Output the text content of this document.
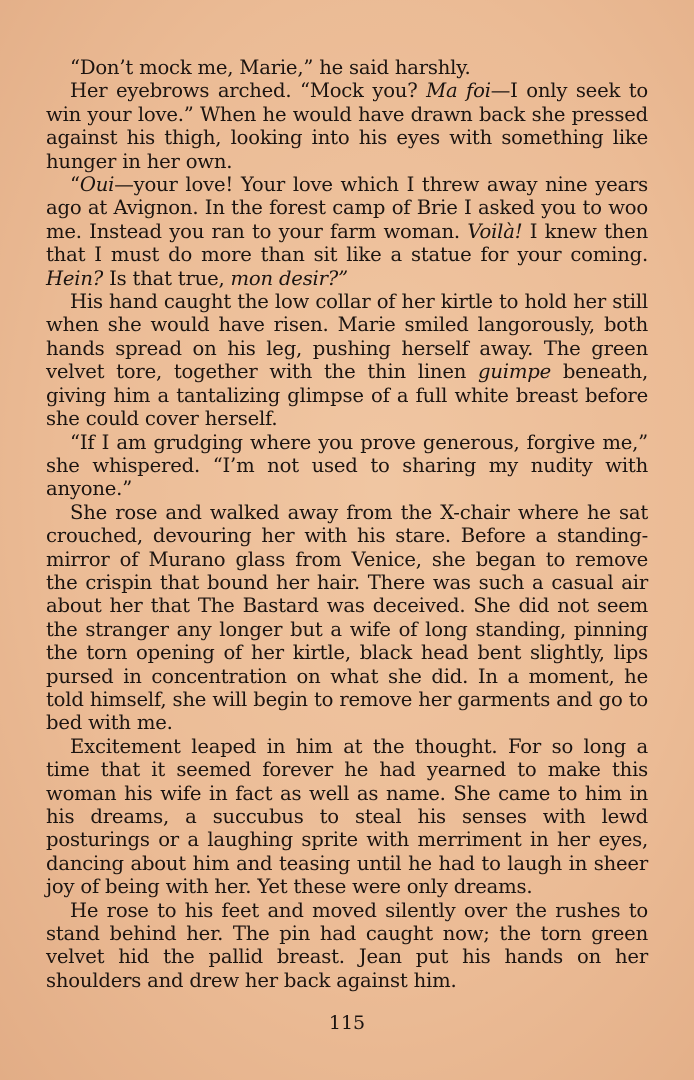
“Don’t mock me, Marie,” he said harshly.

Her eyebrows arched. “Mock you? Ma foi—I only seek to win your love.” When he would have drawn back she pressed against his thigh, looking into his eyes with something like hunger in her own.

“Oui—your love! Your love which I threw away nine years ago at Avignon. In the forest camp of Brie I asked you to woo me. Instead you ran to your farm woman. Voilà! I knew then that I must do more than sit like a statue for your coming. Hein? Is that true, mon desir?”

His hand caught the low collar of her kirtle to hold her still when she would have risen. Marie smiled langorously, both hands spread on his leg, pushing herself away. The green velvet tore, together with the thin linen guimpe beneath, giving him a tantalizing glimpse of a full white breast before she could cover herself.

“If I am grudging where you prove generous, forgive me,” she whispered. “I’m not used to sharing my nudity with anyone.”

She rose and walked away from the X-chair where he sat crouched, devouring her with his stare. Before a standing-mirror of Murano glass from Venice, she began to remove the crispin that bound her hair. There was such a casual air about her that The Bastard was deceived. She did not seem the stranger any longer but a wife of long standing, pinning the torn opening of her kirtle, black head bent slightly, lips pursed in concentration on what she did. In a moment, he told himself, she will begin to remove her garments and go to bed with me.

Excitement leaped in him at the thought. For so long a time that it seemed forever he had yearned to make this woman his wife in fact as well as name. She came to him in his dreams, a succubus to steal his senses with lewd posturings or a laughing sprite with merriment in her eyes, dancing about him and teasing until he had to laugh in sheer joy of being with her. Yet these were only dreams.

He rose to his feet and moved silently over the rushes to stand behind her. The pin had caught now; the torn green velvet hid the pallid breast. Jean put his hands on her shoulders and drew her back against him.

115
